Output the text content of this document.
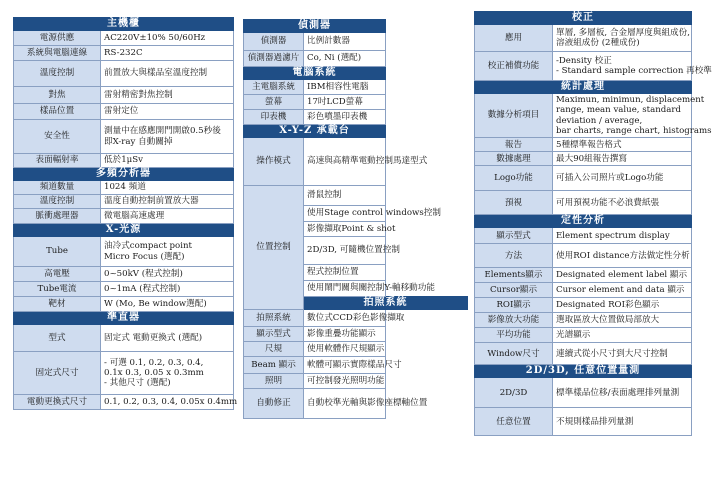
主機櫃	
電源供應	AC220V±10% 50/60Hz

系統與電腦連線	RS-232C

溫度控制	前置放大與樣品室溫度控制

對焦	雷射精密對焦控制

樣品位置	雷射定位

安全性	測量中在感應開門開啟0.5秒後
即X-ray 自動關掉

表面輻射率	低於1μSv

多頻分析器	
頻道數量	1024 頻道

溫度控制	溫度自動控制前置放大器

脈衝處理器	微電腦高速處理

X-光源	
Tube	油冷式compact point
Micro Focus (選配)

高電壓	0~50kV (程式控制)

Tube電流	0~1mA (程式控制)

靶材	W (Mo, Be window選配)

準直器	
型式	固定式 電動更換式 (選配)

固定式尺寸	- 可選 0.1, 0.2, 0.3, 0.4,
0.1x 0.3, 0.05 x 0.3mm
- 其他尺寸 (選配)

電動更換式尺寸	0.1, 0.2, 0.3, 0.4, 0.05x 0.4mm
偵測器	
偵測器	比例計數器

偵測器過濾片	Co, Ni (選配)

電腦系統	
主電腦系統	IBM相容性電腦

螢幕	17吋LCD螢幕

印表機	彩色噴墨印表機

X-Y-Z 承載台	
操作模式	高速與高精準電動控制馬達型式

位置控制	滑鼠控制

	使用Stage control windows控制

	影像擷取Point & shot

	2D/3D, 可隨機位置控制

	程式控制位置

	使用鬧門關與關控制Y-軸移動功能

	拍照系統
拍照系統	數位式CCD彩色影像擷取

顯示型式	影像重疊功能顯示

尺規	使用軟體作尺規顯示

Beam 顯示	軟體可顯示實際樣品尺寸

照明	可控制發光照明功能

自動修正	自動校準光軸與影像座標軸位置
校正	
應用	單層, 多層板, 合金層厚度與組成份,
溶液組成份 (2種成份)

校正補償功能	-Density 校正
- Standard sample correction 再校準

統計處理	
數據分析項目	Maximun, minimun, displacement
range, mean value, standard
deviation / average,
bar charts, range chart, histograms

報告	5種標準報告格式

數據處理	最大90組報告撰寫

Logo功能	可插入公司照片或Logo功能

預視	可用預視功能不必浪費紙張

定性分析	
顯示型式	Element spectrum display

方法	使用ROI distance方法做定性分析

Elements顯示	Designated element label 顯示

Cursor顯示	Cursor element and data 顯示

ROI顯示	Designated ROI彩色顯示

影像放大功能	選取區放大位置做局部放大

平均功能	光譜顯示

Window尺寸	連續式從小尺寸到大尺寸控制

2D/3D, 任意位置量測	
2D/3D	標準樣品位移/表面處理排列量測

任意位置	不規則樣品排列量測
